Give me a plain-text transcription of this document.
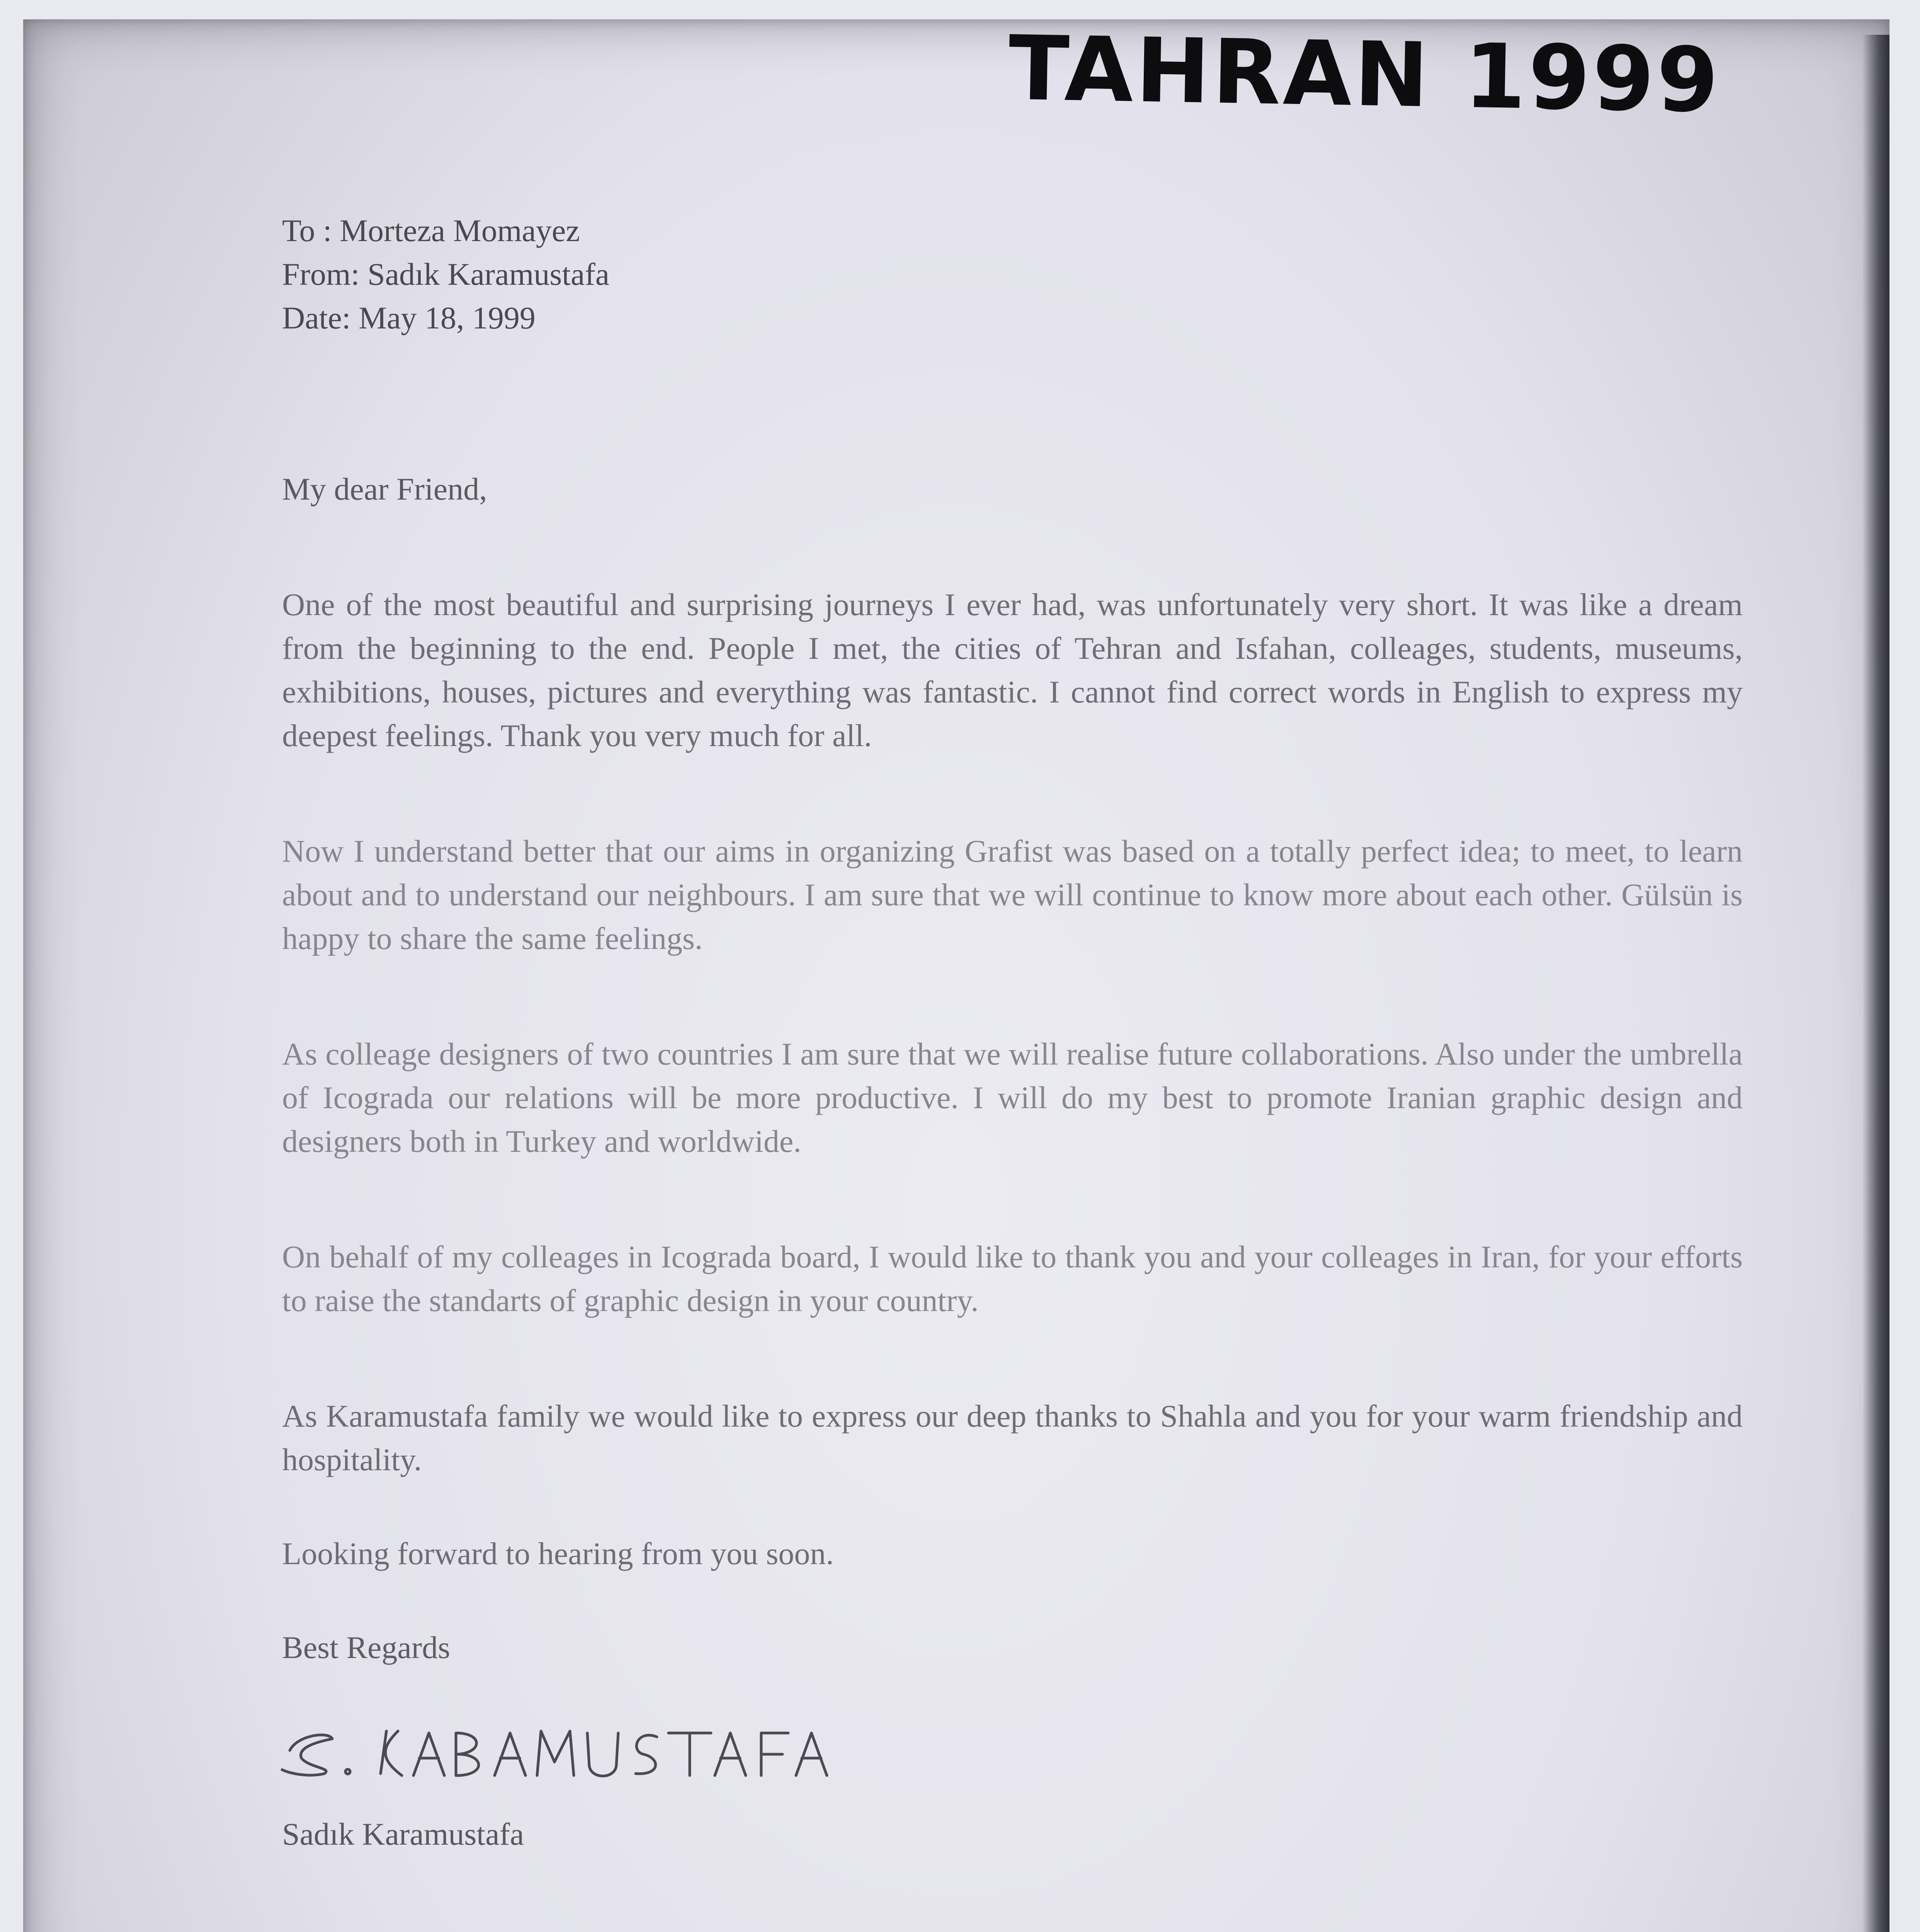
TAHRAN 1999

To : Morteza Momayez

From: Sadık Karamustafa

Date: May 18, 1999

My dear Friend,

One of the most beautiful and surprising journeys I ever had, was unfortunately very short. It was like a dream from the beginning to the end. People I met, the cities of Tehran and Isfahan, colleages, students, museums, exhibitions, houses, pictures and everything was fantastic. I cannot find correct words in English to express my deepest feelings. Thank you very much for all.

Now I understand better that our aims in organizing Grafist was based on a totally perfect idea; to meet, to learn about and to understand our neighbours. I am sure that we will continue to know more about each other. Gülsün is happy to share the same feelings.

As colleage designers of two countries I am sure that we will realise future collaborations. Also under the umbrella of Icograda our relations will be more productive. I will do my best to promote Iranian graphic design and designers both in Turkey and worldwide.

On behalf of my colleages in Icograda board, I would like to thank you and your colleages in Iran, for your efforts to raise the standarts of graphic design in your country.

As Karamustafa family we would like to express our deep thanks to Shahla and you for your warm friendship and hospitality.

Looking forward to hearing from you soon.

Best Regards

Sadık Karamustafa
